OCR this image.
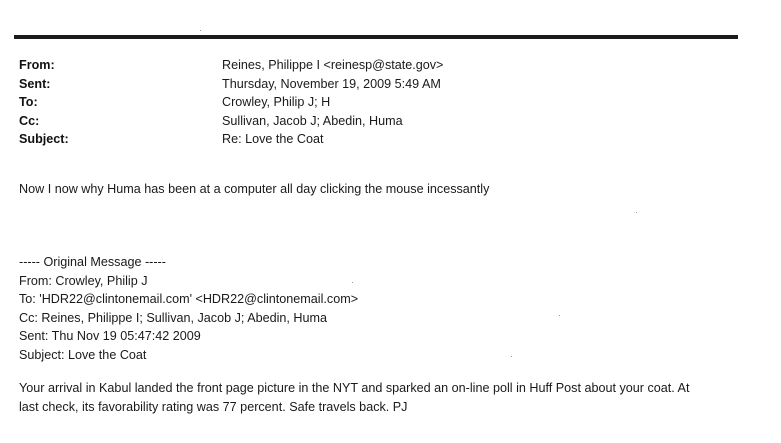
From:	Reines, Philippe I <reinesp@state.gov>
Sent:	Thursday, November 19, 2009 5:49 AM
To:	Crowley, Philip J; H
Cc:	Sullivan, Jacob J; Abedin, Huma
Subject:	Re: Love the Coat
Now I now why Huma has been at a computer all day clicking the mouse incessantly
----- Original Message -----
From: Crowley, Philip J
To: 'HDR22@clintonemail.com' <HDR22@clintonemail.com>
Cc: Reines, Philippe I; Sullivan, Jacob J; Abedin, Huma
Sent: Thu Nov 19 05:47:42 2009
Subject: Love the Coat
Your arrival in Kabul landed the front page picture in the NYT and sparked an on-line poll in Huff Post about your coat. At
last check, its favorability rating was 77 percent. Safe travels back. PJ
